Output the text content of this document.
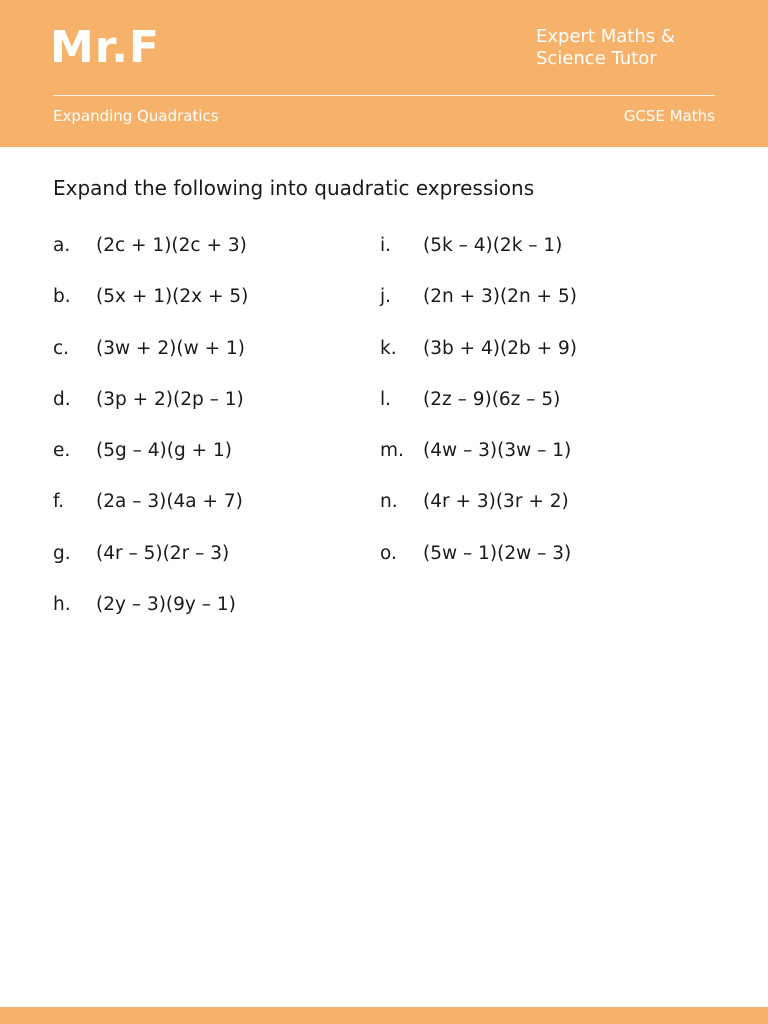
Mr.F	Expert Maths &
Science Tutor
Expanding Quadratics	GCSE Maths
Expand the following into quadratic expressions
a.	(2c + 1)(2c + 3)
b.	(5x + 1)(2x + 5)
c.	(3w + 2)(w + 1)
d.	(3p + 2)(2p – 1)
e.	(5g – 4)(g + 1)
f.	(2a – 3)(4a + 7)
g.	(4r – 5)(2r – 3)
h.	(2y – 3)(9y – 1)
i.	(5k – 4)(2k – 1)
j.	(2n + 3)(2n + 5)
k.	(3b + 4)(2b + 9)
l.	(2z – 9)(6z – 5)
m.	(4w – 3)(3w – 1)
n.	(4r + 3)(3r + 2)
o.	(5w – 1)(2w – 3)
